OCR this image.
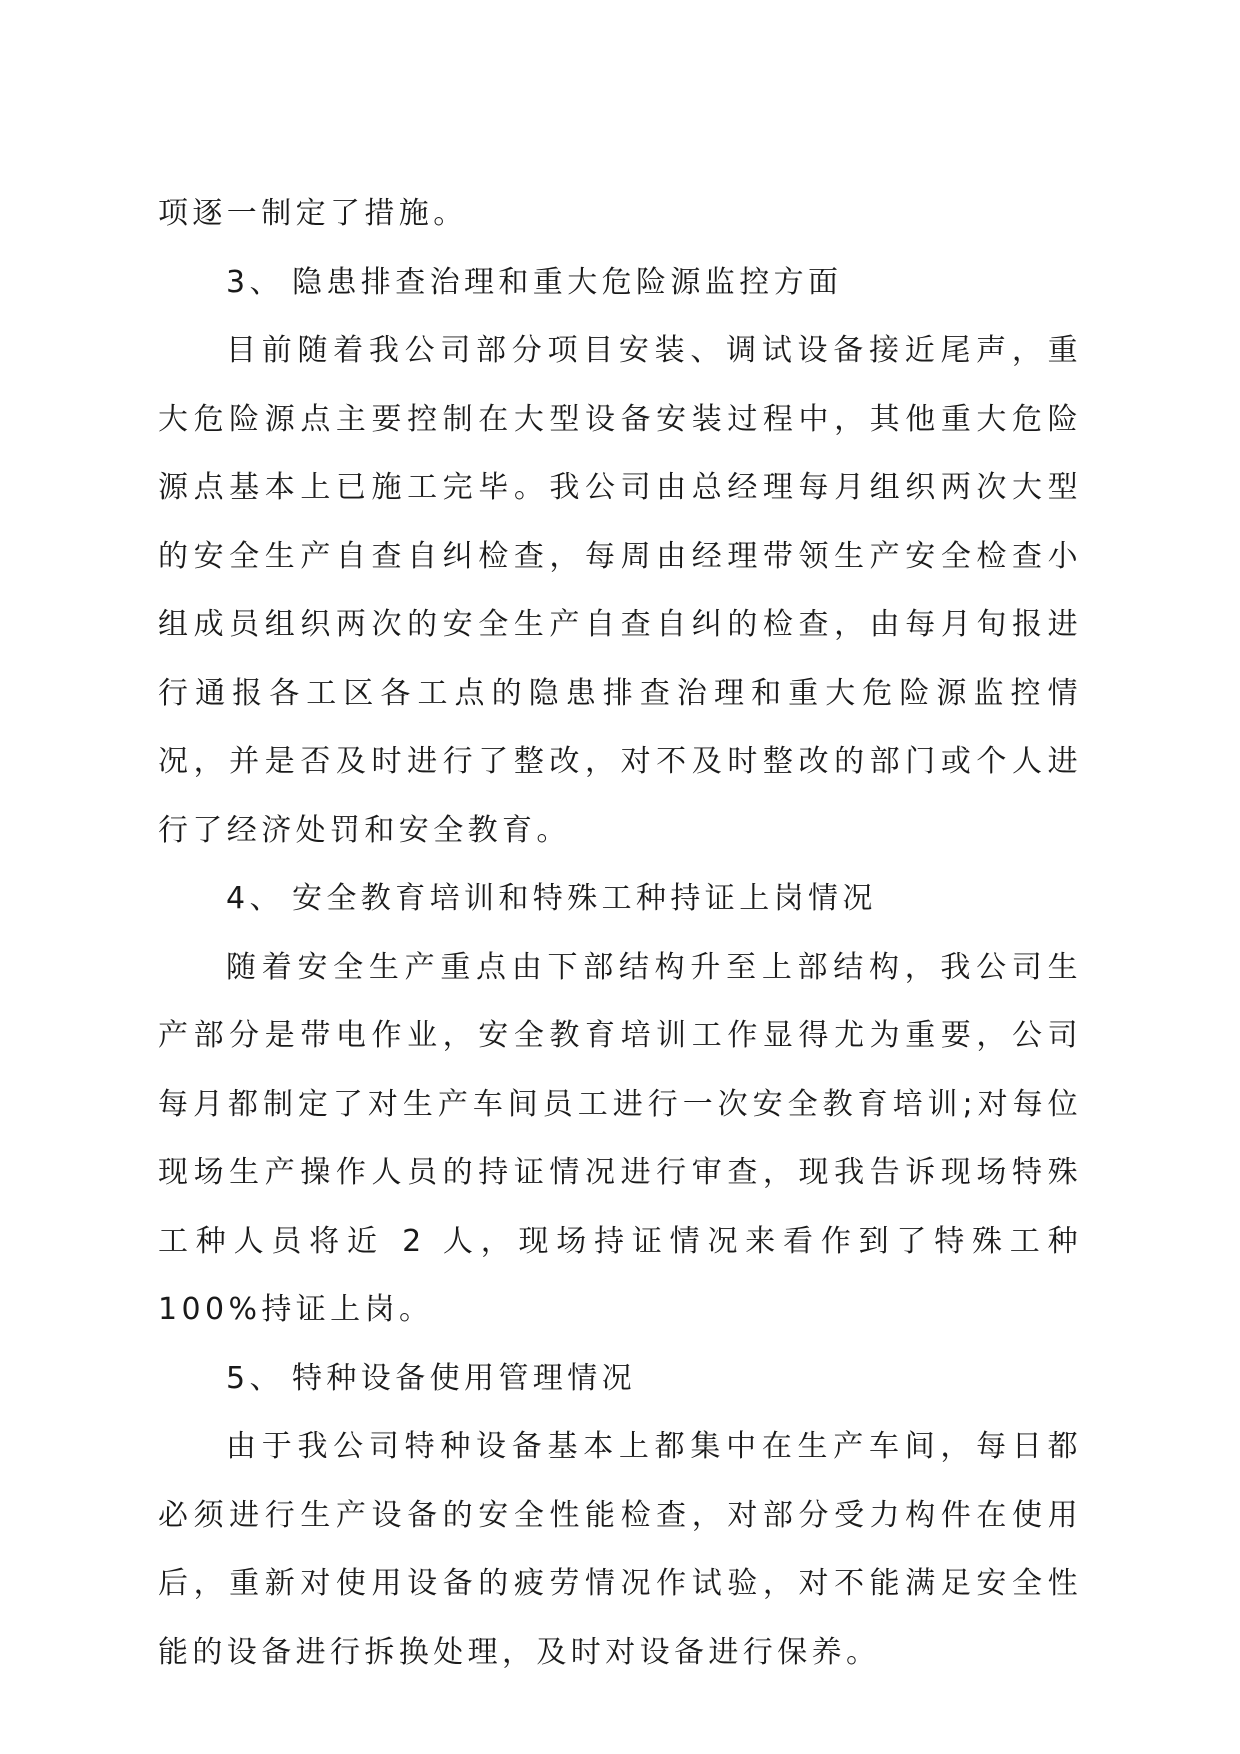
项逐一制定了措施。

3、 隐患排查治理和重大危险源监控方面

目前随着我公司部分项目安装、调试设备接近尾声，重大危险源点主要控制在大型设备安装过程中，其他重大危险源点基本上已施工完毕。我公司由总经理每月组织两次大型的安全生产自查自纠检查，每周由经理带领生产安全检查小组成员组织两次的安全生产自查自纠的检查，由每月旬报进行通报各工区各工点的隐患排查治理和重大危险源监控情况，并是否及时进行了整改，对不及时整改的部门或个人进行了经济处罚和安全教育。

4、 安全教育培训和特殊工种持证上岗情况

随着安全生产重点由下部结构升至上部结构，我公司生产部分是带电作业，安全教育培训工作显得尤为重要，公司每月都制定了对生产车间员工进行一次安全教育培训;对每位现场生产操作人员的持证情况进行审查，现我告诉现场特殊工种人员将近 2 人，现场持证情况来看作到了特殊工种 100%持证上岗。

5、 特种设备使用管理情况

由于我公司特种设备基本上都集中在生产车间，每日都必须进行生产设备的安全性能检查，对部分受力构件在使用后，重新对使用设备的疲劳情况作试验，对不能满足安全性能的设备进行拆换处理，及时对设备进行保养。
